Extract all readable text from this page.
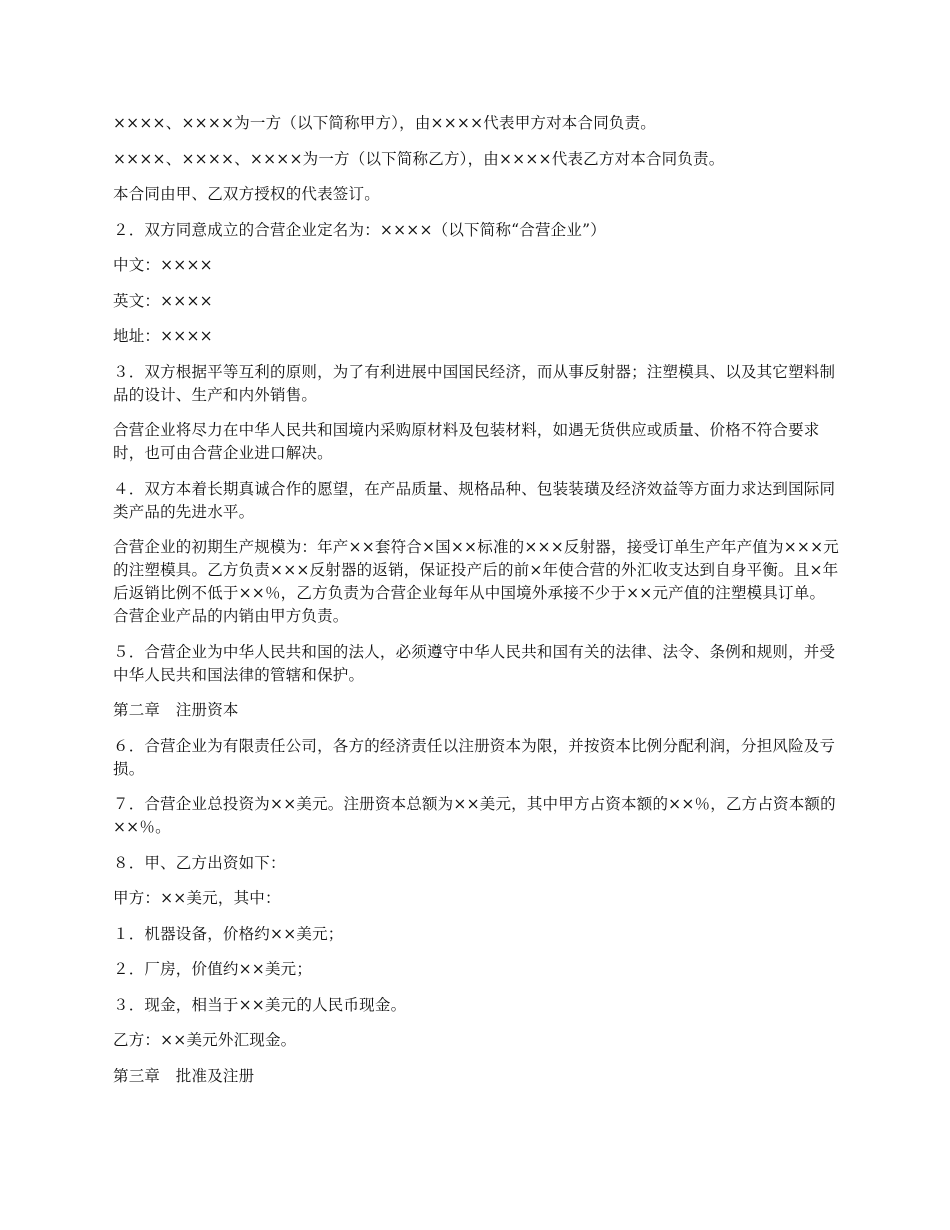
××××、××××为一方（以下简称甲方），由××××代表甲方对本合同负责。

××××、××××、××××为一方（以下简称乙方），由××××代表乙方对本合同负责。

本合同由甲、乙双方授权的代表签订。

２．双方同意成立的合营企业定名为：××××（以下简称“合营企业”）

中文：××××

英文：××××

地址：××××

３．双方根据平等互利的原则，为了有利进展中国国民经济，而从事反射器；注塑模具、以及其它塑料制品的设计、生产和内外销售。

合营企业将尽力在中华人民共和国境内采购原材料及包装材料，如遇无货供应或质量、价格不符合要求时，也可由合营企业进口解决。

４．双方本着长期真诚合作的愿望，在产品质量、规格品种、包装装璜及经济效益等方面力求达到国际同类产品的先进水平。

合营企业的初期生产规模为：年产××套符合×国××标准的×××反射器，接受订单生产年产值为×××元的注塑模具。乙方负责×××反射器的返销，保证投产后的前×年使合营的外汇收支达到自身平衡。且×年后返销比例不低于××％，乙方负责为合营企业每年从中国境外承接不少于××元产值的注塑模具订单。合营企业产品的内销由甲方负责。

５．合营企业为中华人民共和国的法人，必须遵守中华人民共和国有关的法律、法令、条例和规则，并受中华人民共和国法律的管辖和保护。

第二章　注册资本

６．合营企业为有限责任公司，各方的经济责任以注册资本为限，并按资本比例分配利润，分担风险及亏损。

７．合营企业总投资为××美元。注册资本总额为××美元，其中甲方占资本额的××％，乙方占资本额的××％。

８．甲、乙方出资如下：

甲方：××美元，其中：

１．机器设备，价格约××美元；

２．厂房，价值约××美元；

３．现金，相当于××美元的人民币现金。

乙方：××美元外汇现金。

第三章　批准及注册
